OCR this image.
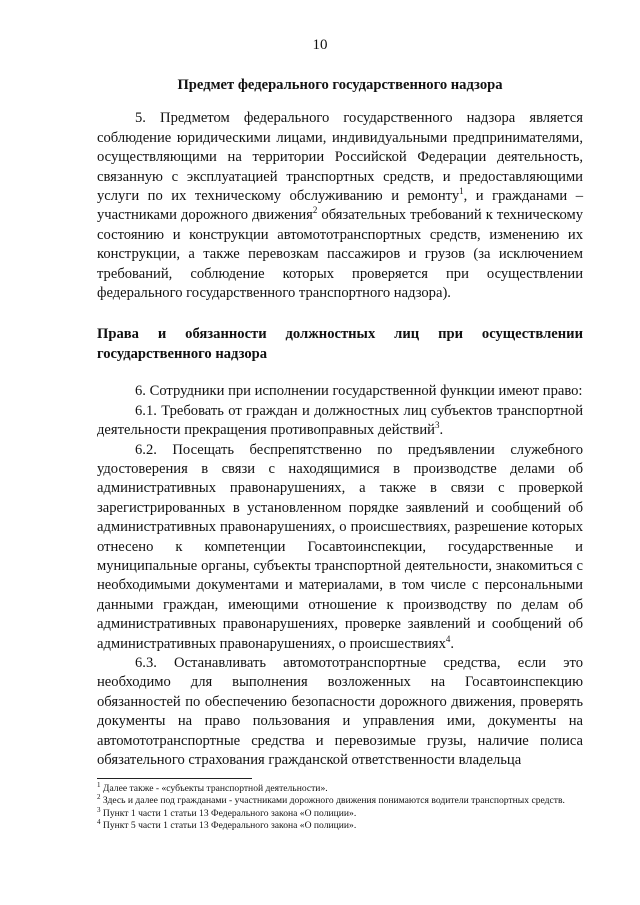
10
Предмет федерального государственного надзора

5. Предметом федерального государственного надзора является соблюдение юридическими лицами, индивидуальными предпринимателями, осуществляющими на территории Российской Федерации деятельность, связанную с эксплуатацией транспортных средств, и предоставляющими услуги по их техническому обслуживанию и ремонту$^1$, и гражданами – участниками дорожного движения$^2$ обязательных требований к техническому состоянию и конструкции автомототранспортных средств, изменению их конструкции, а также перевозкам пассажиров и грузов (за исключением требований, соблюдение которых проверяется при осуществлении федерального государственного транспортного надзора).

Права и обязанности должностных лиц при осуществлении государственного надзора

6. Сотрудники при исполнении государственной функции имеют право:

6.1. Требовать от граждан и должностных лиц субъектов транспортной деятельности прекращения противоправных действий$^3$.

6.2. Посещать беспрепятственно по предъявлении служебного удостоверения в связи с находящимися в производстве делами об административных правонарушениях, а также в связи с проверкой зарегистрированных в установленном порядке заявлений и сообщений об административных правонарушениях, о происшествиях, разрешение которых отнесено к компетенции Госавтоинспекции, государственные и муниципальные органы, субъекты транспортной деятельности, знакомиться с необходимыми документами и материалами, в том числе с персональными данными граждан, имеющими отношение к производству по делам об административных правонарушениях, проверке заявлений и сообщений об административных правонарушениях, о происшествиях$^4$.

6.3. Останавливать автомототранспортные средства, если это необходимо для выполнения возложенных на Госавтоинспекцию обязанностей по обеспечению безопасности дорожного движения, проверять документы на право пользования и управления ими, документы на автомототранспортные средства и перевозимые грузы, наличие полиса обязательного страхования гражданской ответственности владельца

$^1$ Далее также - «субъекты транспортной деятельности».

$^2$ Здесь и далее под гражданами - участниками дорожного движения понимаются водители транспортных средств.

$^3$ Пункт 1 части 1 статьи 13 Федерального закона «О полиции».

$^4$ Пункт 5 части 1 статьи 13 Федерального закона «О полиции».
